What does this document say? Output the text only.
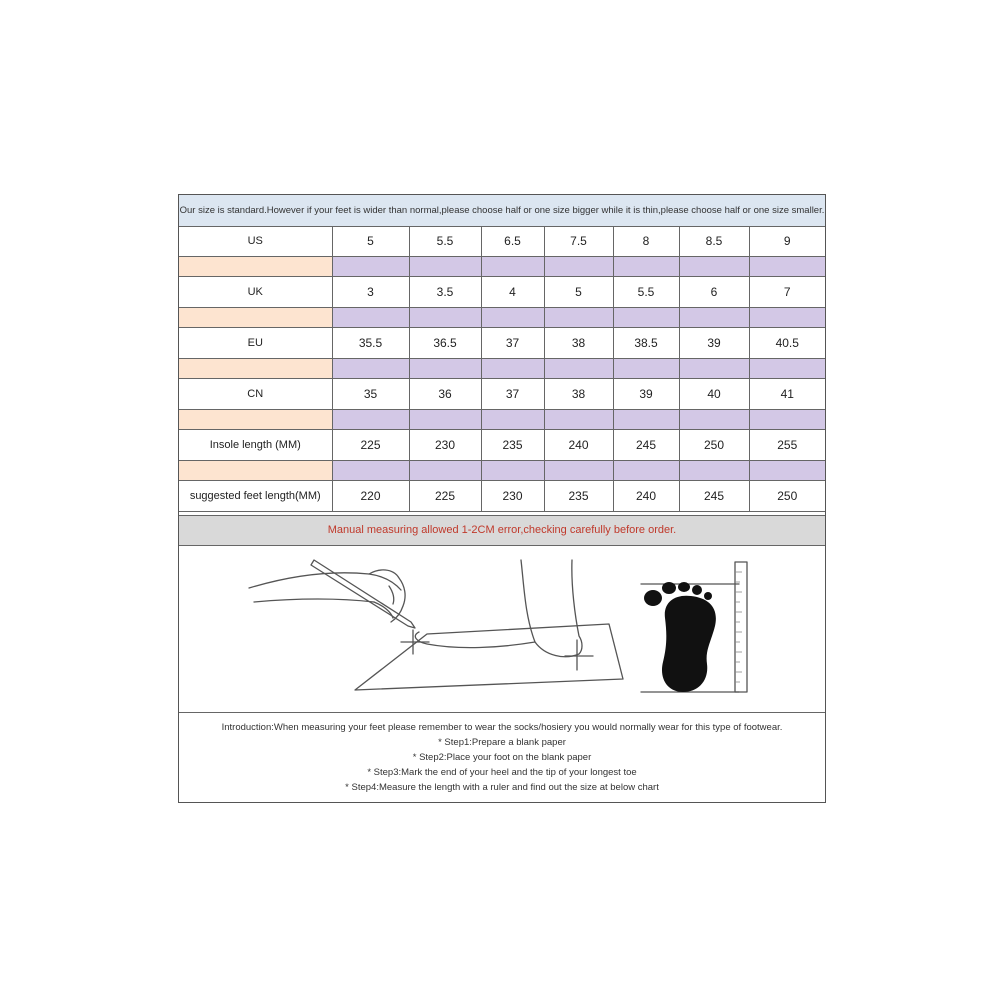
Our size is standard.However if your feet is wider than normal,please choose half or one size bigger while it is thin,please choose half or one size smaller.
US	5	5.5	6.5	7.5	8	8.5	9

UK	3	3.5	4	5	5.5	6	7

EU	35.5	36.5	37	38	38.5	39	40.5

CN	35	36	37	38	39	40	41

Insole length (MM)	225	230	235	240	245	250	255

suggested feet length(MM)	220	225	230	235	240	245	250
Manual measuring allowed 1-2CM error,checking carefully before order.
Introduction:When measuring your feet please remember to wear the socks/hosiery you would normally wear for this type of footwear.
* Step1:Prepare a blank paper
* Step2:Place your foot on the blank paper
* Step3:Mark the end of your heel and the tip of your longest toe
* Step4:Measure the length with a ruler and find out the size at below chart
